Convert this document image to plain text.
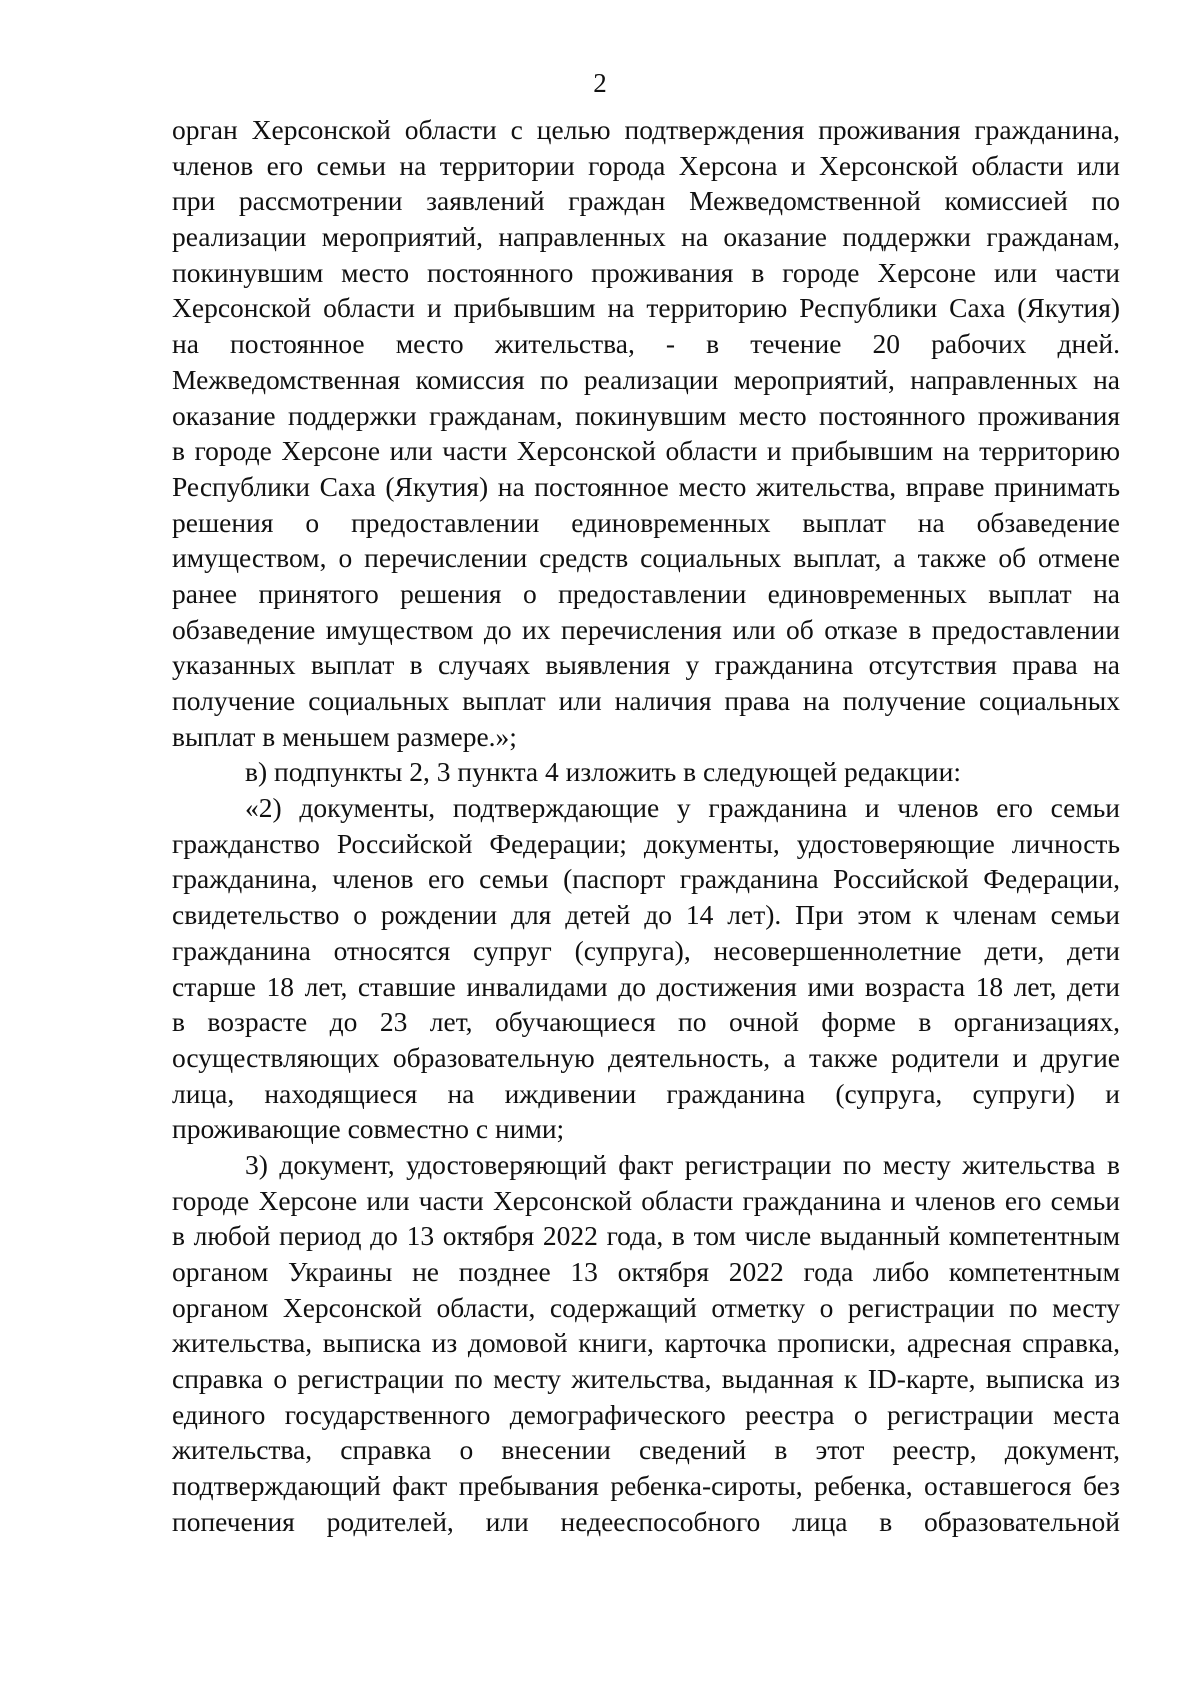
2
орган Херсонской области с целью подтверждения проживания гражданина,
членов его семьи на территории города Херсона и Херсонской области или
при рассмотрении заявлений граждан Межведомственной комиссией по
реализации мероприятий, направленных на оказание поддержки гражданам,
покинувшим место постоянного проживания в городе Херсоне или части
Херсонской области и прибывшим на территорию Республики Саха (Якутия)
на постоянное место жительства, - в течение 20 рабочих дней.
Межведомственная комиссия по реализации мероприятий, направленных на
оказание поддержки гражданам, покинувшим место постоянного проживания
в городе Херсоне или части Херсонской области и прибывшим на территорию
Республики Саха (Якутия) на постоянное место жительства, вправе принимать
решения о предоставлении единовременных выплат на обзаведение
имуществом, о перечислении средств социальных выплат, а также об отмене
ранее принятого решения о предоставлении единовременных выплат на
обзаведение имуществом до их перечисления или об отказе в предоставлении
указанных выплат в случаях выявления у гражданина отсутствия права на
получение социальных выплат или наличия права на получение социальных
выплат в меньшем размере.»;
в) подпункты 2, 3 пункта 4 изложить в следующей редакции:
«2) документы, подтверждающие у гражданина и членов его семьи
гражданство Российской Федерации; документы, удостоверяющие личность
гражданина, членов его семьи (паспорт гражданина Российской Федерации,
свидетельство о рождении для детей до 14 лет). При этом к членам семьи
гражданина относятся супруг (супруга), несовершеннолетние дети, дети
старше 18 лет, ставшие инвалидами до достижения ими возраста 18 лет, дети
в возрасте до 23 лет, обучающиеся по очной форме в организациях,
осуществляющих образовательную деятельность, а также родители и другие
лица, находящиеся на иждивении гражданина (супруга, супруги) и
проживающие совместно с ними;
3) документ, удостоверяющий факт регистрации по месту жительства в
городе Херсоне или части Херсонской области гражданина и членов его семьи
в любой период до 13 октября 2022 года, в том числе выданный компетентным
органом Украины не позднее 13 октября 2022 года либо компетентным
органом Херсонской области, содержащий отметку о регистрации по месту
жительства, выписка из домовой книги, карточка прописки, адресная справка,
справка о регистрации по месту жительства, выданная к ID-карте, выписка из
единого государственного демографического реестра о регистрации места
жительства, справка о внесении сведений в этот реестр, документ,
подтверждающий факт пребывания ребенка-сироты, ребенка, оставшегося без
попечения родителей, или недееспособного лица в образовательной
